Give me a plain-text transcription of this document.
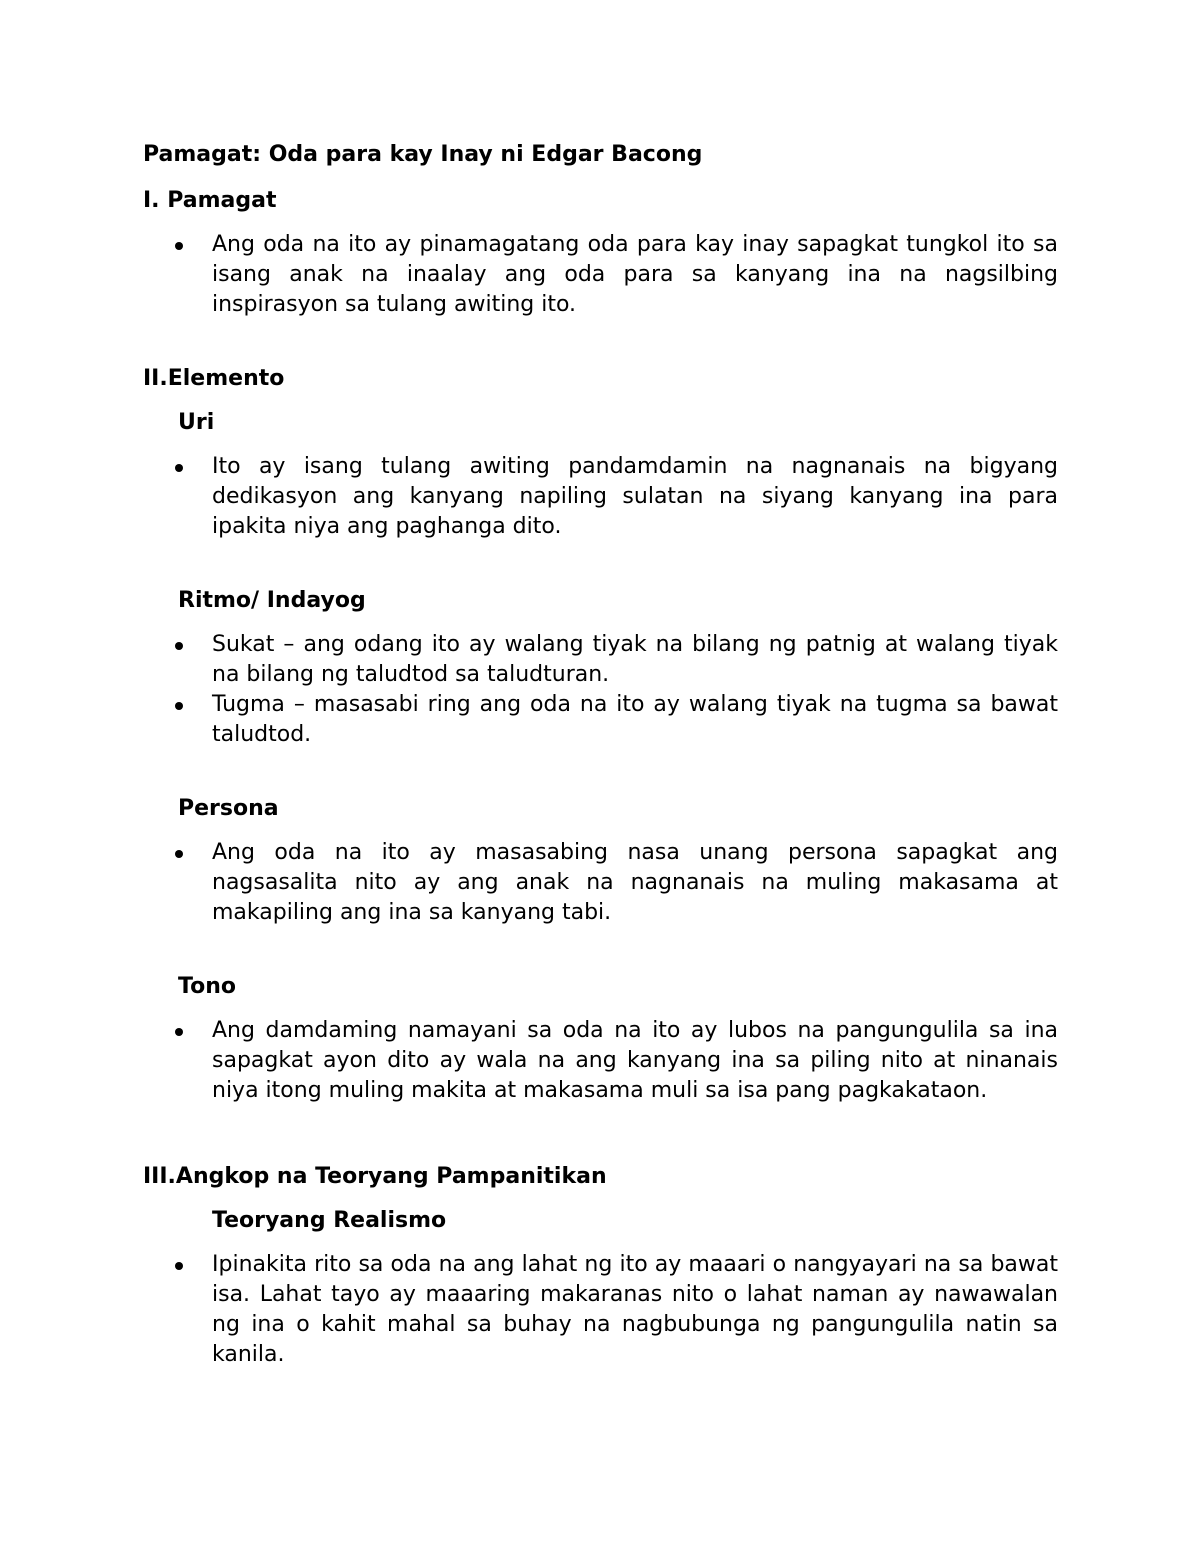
Pamagat: Oda para kay Inay ni Edgar Bacong
I. Pamagat
Ang oda na ito ay pinamagatang oda para kay inay sapagkat tungkol ito sa isang anak na inaalay ang oda para sa kanyang ina na nagsilbing inspirasyon sa tulang awiting ito.
II.Elemento
Uri
Ito ay isang tulang awiting pandamdamin na nagnanais na bigyang dedikasyon ang kanyang napiling sulatan na siyang kanyang ina para ipakita niya ang paghanga dito.
Ritmo/ Indayog
Sukat – ang odang ito ay walang tiyak na bilang ng patnig at walang tiyak na bilang ng taludtod sa taludturan.
Tugma – masasabi ring ang oda na ito ay walang tiyak na tugma sa bawat taludtod.
Persona
Ang oda na ito ay masasabing nasa unang persona sapagkat ang nagsasalita nito ay ang anak na nagnanais na muling makasama at makapiling ang ina sa kanyang tabi.
Tono
Ang damdaming namayani sa oda na ito ay lubos na pangungulila sa ina sapagkat ayon dito ay wala na ang kanyang ina sa piling nito at ninanais niya itong muling makita at makasama muli sa isa pang pagkakataon.
III.Angkop na Teoryang Pampanitikan
Teoryang Realismo
Ipinakita rito sa oda na ang lahat ng ito ay maaari o nangyayari na sa bawat isa. Lahat tayo ay maaaring makaranas nito o lahat naman ay nawawalan ng ina o kahit mahal sa buhay na nagbubunga ng pangungulila natin sa kanila.
